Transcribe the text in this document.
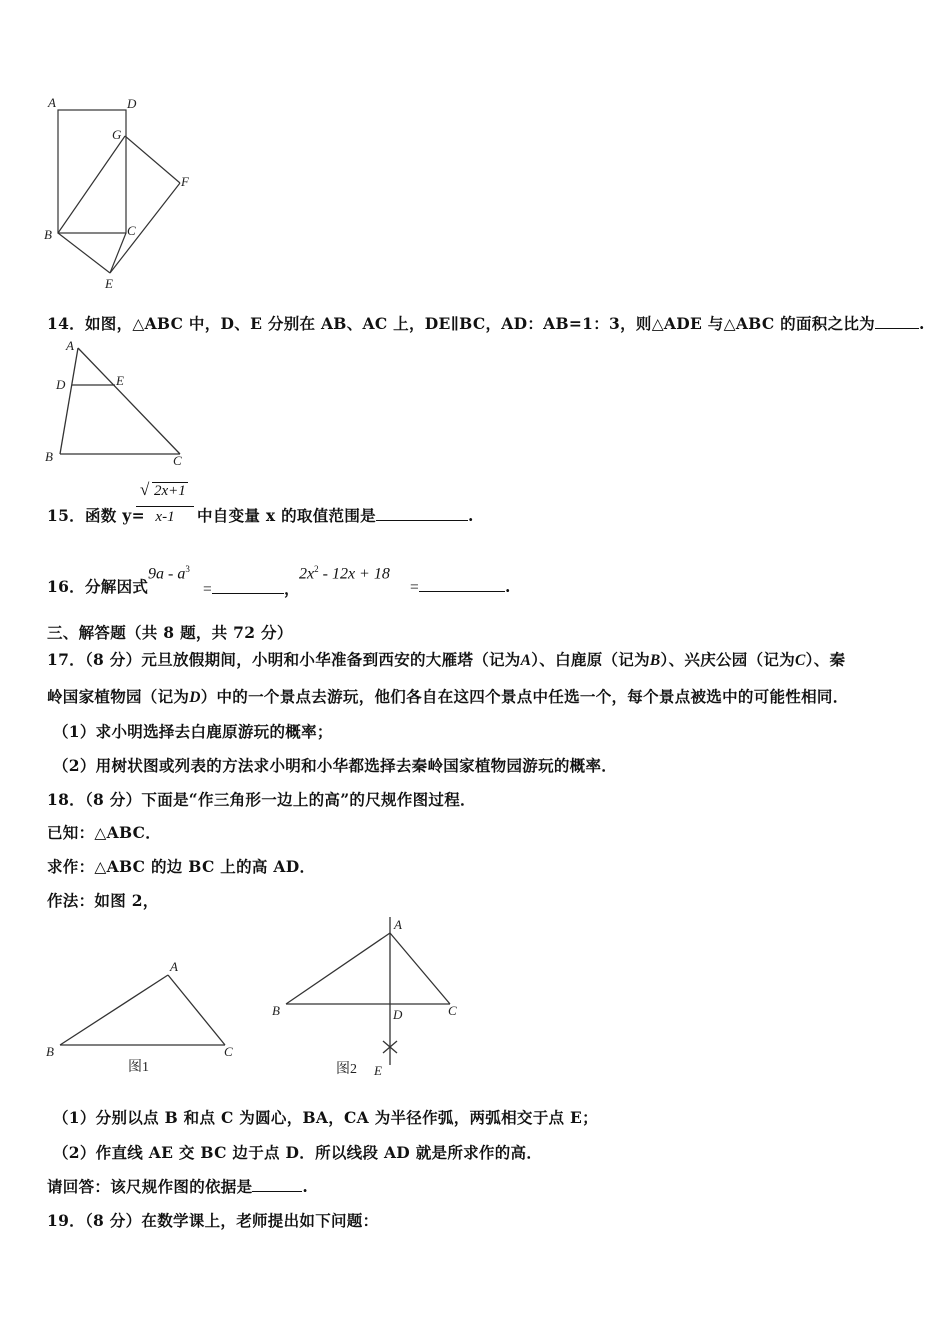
A	D
G
F
B	C
E
14．如图，△ABC 中，D、E 分别在 AB、AC 上，DE∥BC，AD：AB=1：3，则△ADE 与△ABC 的面积之比为	.
A
D	E
B	C
15．函数 y=
√ 2x+1
x-1	中自变量 x 的取值范围是	.
16．分解因式
$9a - a^3$
=	，
$2x^2 - 12x + 18$
=	.
三、解答题（共 8 题，共 72 分）
17．（8 分）元旦放假期间，小明和小华准备到西安的大雁塔（记为A）、白鹿原（记为B）、兴庆公园（记为C）、秦
岭国家植物园（记为D）中的一个景点去游玩，他们各自在这四个景点中任选一个，每个景点被选中的可能性相同．
（1）求小明选择去白鹿原游玩的概率；
（2）用树状图或列表的方法求小明和小华都选择去秦岭国家植物园游玩的概率．
18．（8 分）下面是“作三角形一边上的高”的尺规作图过程．
已知：△ABC．
求作：△ABC 的边 BC 上的高 AD．
作法：如图 2，
A
B	C
图1
A
B	C
D
图2 E
（1）分别以点 B 和点 C 为圆心，BA，CA 为半径作弧，两弧相交于点 E；
（2）作直线 AE 交 BC 边于点 D．所以线段 AD 就是所求作的高．
请回答：该尺规作图的依据是	.
19．（8 分）在数学课上，老师提出如下问题：
